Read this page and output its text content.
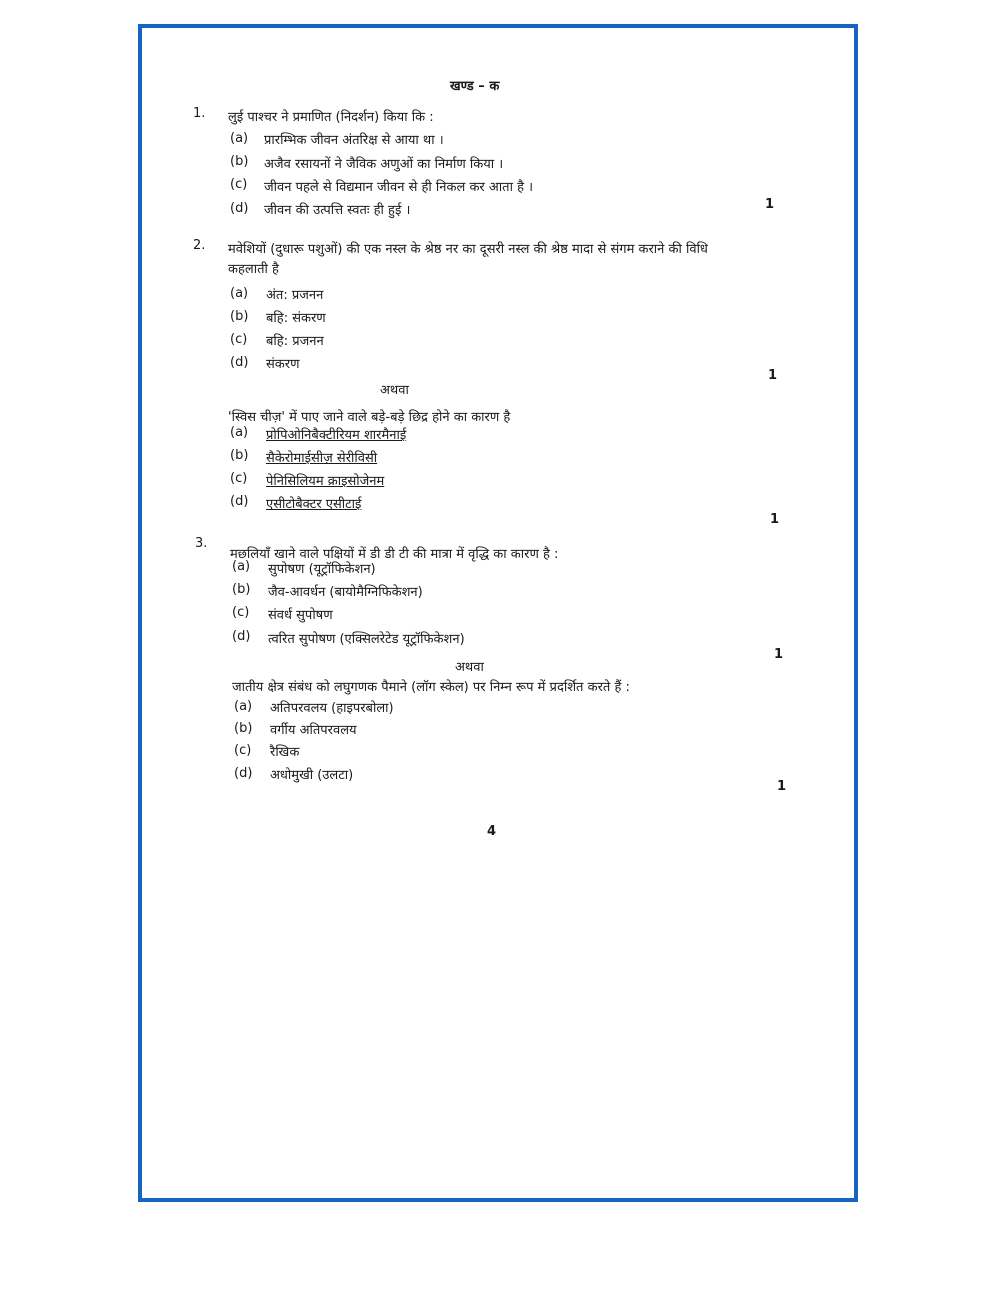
खण्ड – क
1. लुई पाश्चर ने प्रमाणित (निदर्शन) किया कि :
(a) प्रारम्भिक जीवन अंतरिक्ष से आया था ।
(b) अजैव रसायनों ने जैविक अणुओं का निर्माण किया ।
(c) जीवन पहले से विद्यमान जीवन से ही निकल कर आता है ।
(d) जीवन की उत्पत्ति स्वतः ही हुई ।	1
2. मवेशियों (दुधारू पशुओं) की एक नस्ल के श्रेष्ठ नर का दूसरी नस्ल की श्रेष्ठ मादा से संगम कराने की विधि
कहलाती है
(a) अंत: प्रजनन
(b) बहि: संकरण
(c) बहि: प्रजनन
(d) संकरण
1
अथवा
'स्विस चीज़' में पाए जाने वाले बड़े-बड़े छिद्र होने का कारण है
(a) प्रोपिओनिबैक्टीरियम शारमैनाई
(b) सैकेरोमाईसीज़ सेरीविसी
(c) पेनिसिलियम क्राइसोजेनम
(d) एसीटोबैक्टर एसीटाई
1
3.
मछलियाँ खाने वाले पक्षियों में डी डी टी की मात्रा में वृद्धि का कारण है :
(a) सुपोषण (यूट्रॉफिकेशन)
(b) जैव-आवर्धन (बायोमैग्निफिकेशन)
(c) संवर्ध सुपोषण
(d) त्वरित सुपोषण (एक्सिलरेटेड यूट्रॉफिकेशन)
1
अथवा
जातीय क्षेत्र संबंध को लघुगणक पैमाने (लॉग स्केल) पर निम्न रूप में प्रदर्शित करते हैं :
(a) अतिपरवलय (हाइपरबोला)
(b) वर्गीय अतिपरवलय
(c) रैखिक
(d) अधोमुखी (उलटा)
1
4
